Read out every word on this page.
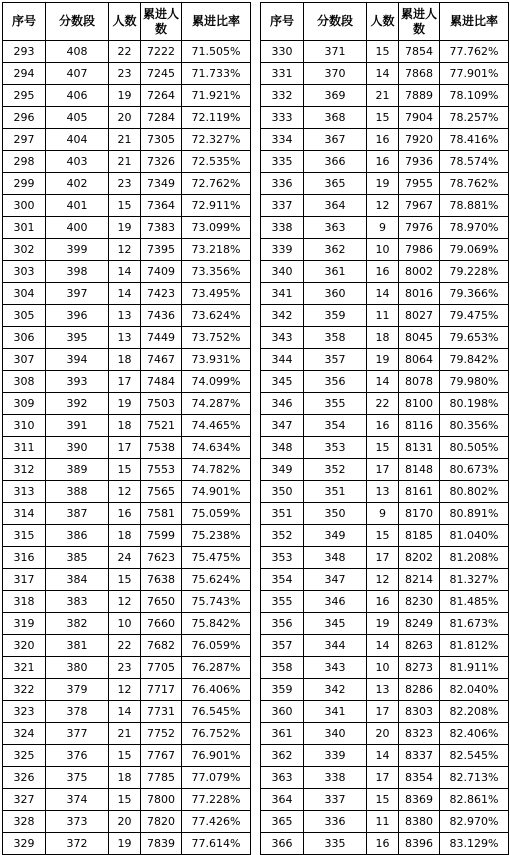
序号	分数段	人数	累进人数	累进比率
293	408	22	7222	71.505%
294	407	23	7245	71.733%
295	406	19	7264	71.921%
296	405	20	7284	72.119%
297	404	21	7305	72.327%
298	403	21	7326	72.535%
299	402	23	7349	72.762%
300	401	15	7364	72.911%
301	400	19	7383	73.099%
302	399	12	7395	73.218%
303	398	14	7409	73.356%
304	397	14	7423	73.495%
305	396	13	7436	73.624%
306	395	13	7449	73.752%
307	394	18	7467	73.931%
308	393	17	7484	74.099%
309	392	19	7503	74.287%
310	391	18	7521	74.465%
311	390	17	7538	74.634%
312	389	15	7553	74.782%
313	388	12	7565	74.901%
314	387	16	7581	75.059%
315	386	18	7599	75.238%
316	385	24	7623	75.475%
317	384	15	7638	75.624%
318	383	12	7650	75.743%
319	382	10	7660	75.842%
320	381	22	7682	76.059%
321	380	23	7705	76.287%
322	379	12	7717	76.406%
323	378	14	7731	76.545%
324	377	21	7752	76.752%
325	376	15	7767	76.901%
326	375	18	7785	77.079%
327	374	15	7800	77.228%
328	373	20	7820	77.426%
329	372	19	7839	77.614%
序号	分数段	人数	累进人数	累进比率
330	371	15	7854	77.762%
331	370	14	7868	77.901%
332	369	21	7889	78.109%
333	368	15	7904	78.257%
334	367	16	7920	78.416%
335	366	16	7936	78.574%
336	365	19	7955	78.762%
337	364	12	7967	78.881%
338	363	9	7976	78.970%
339	362	10	7986	79.069%
340	361	16	8002	79.228%
341	360	14	8016	79.366%
342	359	11	8027	79.475%
343	358	18	8045	79.653%
344	357	19	8064	79.842%
345	356	14	8078	79.980%
346	355	22	8100	80.198%
347	354	16	8116	80.356%
348	353	15	8131	80.505%
349	352	17	8148	80.673%
350	351	13	8161	80.802%
351	350	9	8170	80.891%
352	349	15	8185	81.040%
353	348	17	8202	81.208%
354	347	12	8214	81.327%
355	346	16	8230	81.485%
356	345	19	8249	81.673%
357	344	14	8263	81.812%
358	343	10	8273	81.911%
359	342	13	8286	82.040%
360	341	17	8303	82.208%
361	340	20	8323	82.406%
362	339	14	8337	82.545%
363	338	17	8354	82.713%
364	337	15	8369	82.861%
365	336	11	8380	82.970%
366	335	16	8396	83.129%
